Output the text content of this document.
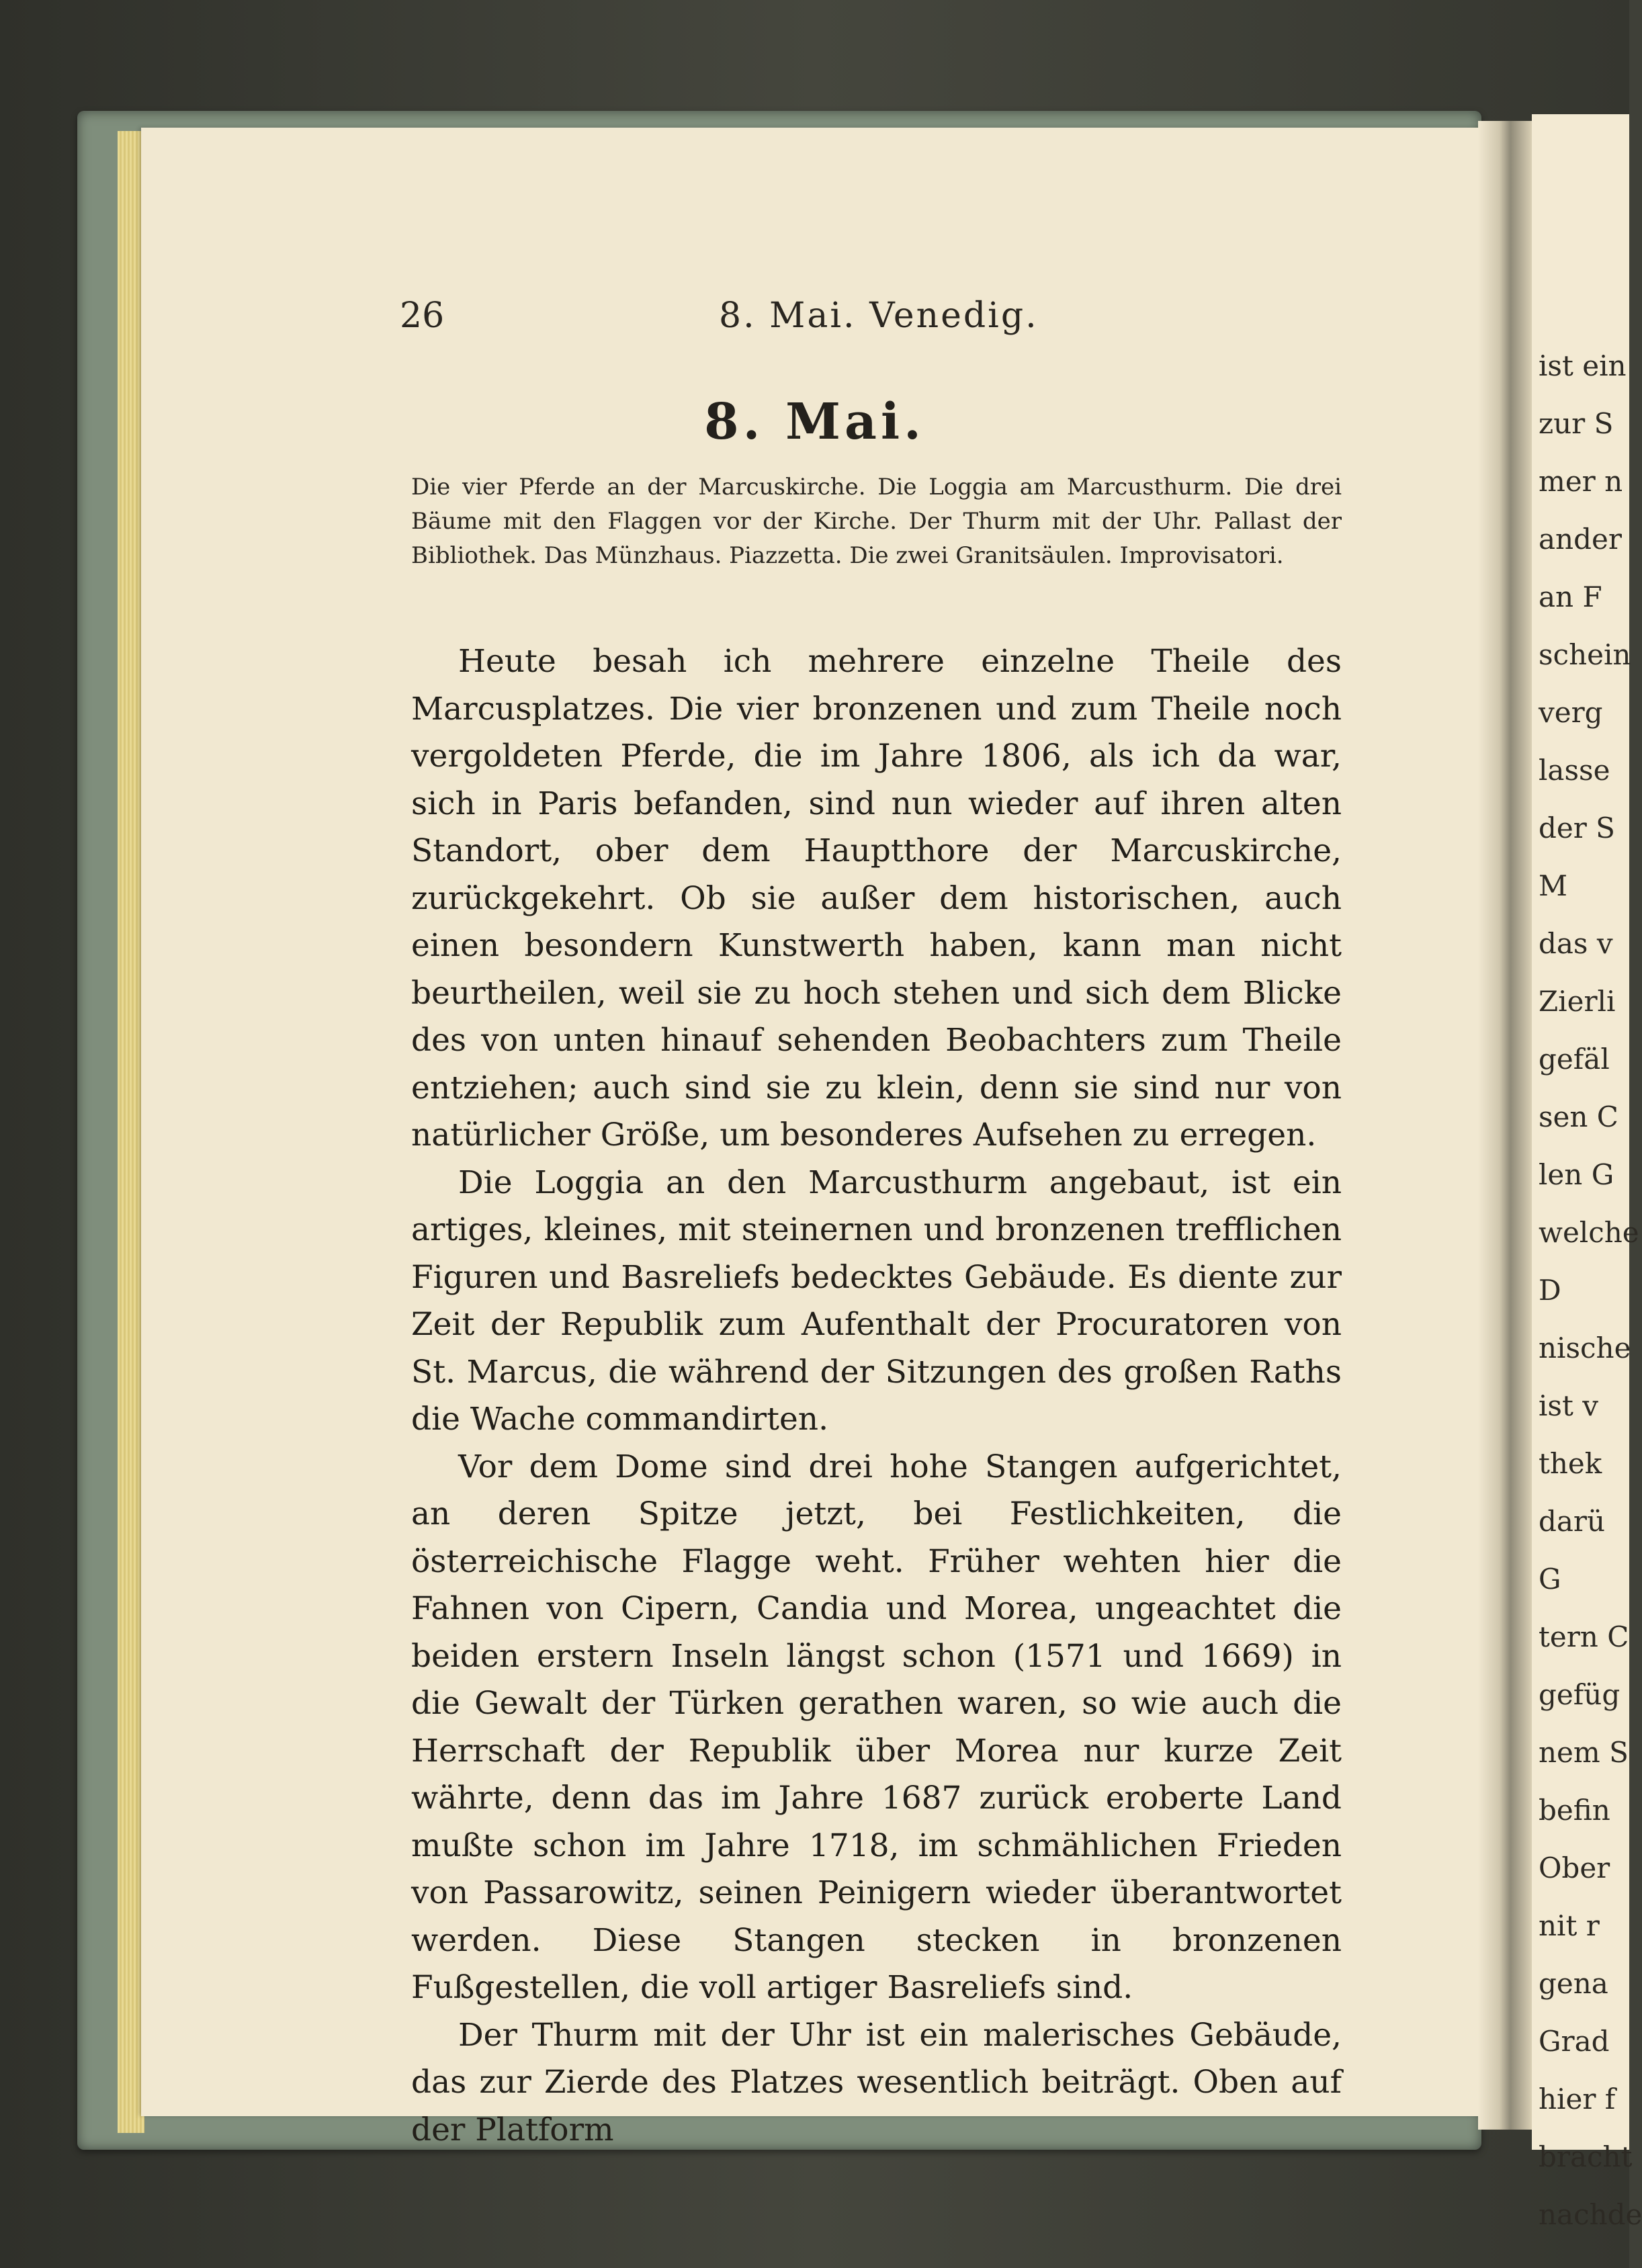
ist ein
zur S
mer n
ander
an F
schein
verg
lasse
der S
M
das v
Zierli
gefäl
sen C
len G
welche
D
nische
ist v
thek
darü
G
tern C
gefüg
nem S
befin
Ober
nit r
gena
Grad
hier f
bracht
nachde
26	8. Mai. Venedig.
8. Mai.
Die vier Pferde an der Marcuskirche. Die Loggia am Marcusthurm. Die drei Bäume mit den Flaggen vor der Kirche. Der Thurm mit der Uhr. Pallast der Bibliothek. Das Münzhaus. Piazzetta. Die zwei Granitsäulen. Improvisatori.

Heute besah ich mehrere einzelne Theile des Marcusplatzes. Die vier bronzenen und zum Theile noch vergoldeten Pferde, die im Jahre 1806, als ich da war, sich in Paris befanden, sind nun wieder auf ihren alten Standort, ober dem Hauptthore der Marcuskirche, zurückgekehrt. Ob sie außer dem historischen, auch einen besondern Kunstwerth haben, kann man nicht beurtheilen, weil sie zu hoch stehen und sich dem Blicke des von unten hinauf sehenden Beobachters zum Theile entziehen; auch sind sie zu klein, denn sie sind nur von natürlicher Größe, um besonderes Aufsehen zu erregen.

Die Loggia an den Marcusthurm angebaut, ist ein artiges, kleines, mit steinernen und bronzenen trefflichen Figuren und Basreliefs bedecktes Gebäude. Es diente zur Zeit der Republik zum Aufenthalt der Procuratoren von St. Marcus, die während der Sitzungen des großen Raths die Wache commandirten.

Vor dem Dome sind drei hohe Stangen aufgerichtet, an deren Spitze jetzt, bei Festlichkeiten, die österreichische Flagge weht. Früher wehten hier die Fahnen von Cipern, Candia und Morea, ungeachtet die beiden erstern Inseln längst schon (1571 und 1669) in die Gewalt der Türken gerathen waren, so wie auch die Herrschaft der Republik über Morea nur kurze Zeit währte, denn das im Jahre 1687 zurück eroberte Land mußte schon im Jahre 1718, im schmählichen Frieden von Passarowitz, seinen Peinigern wieder überantwortet werden. Diese Stangen stecken in bronzenen Fußgestellen, die voll artiger Basreliefs sind.

Der Thurm mit der Uhr ist ein malerisches Gebäude, das zur Zierde des Platzes wesentlich beiträgt. Oben auf der Platform
